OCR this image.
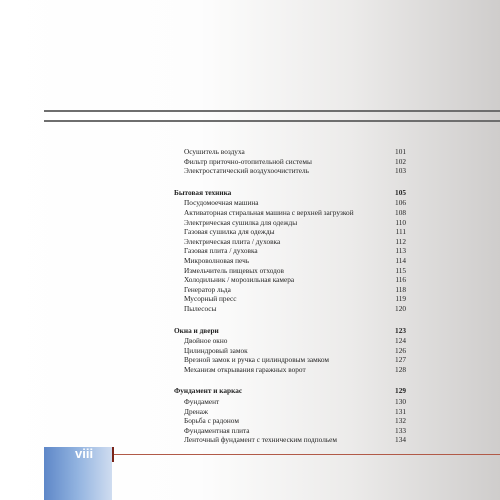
Осушитель воздуха	101
Фильтр приточно-отопительной системы	102
Электростатический воздухоочиститель	103
Бытовая техника	105
Посудомоечная машина	106
Активаторная стиральная машина с верхней загрузкой	108
Электрическая сушилка для одежды	110
Газовая сушилка для одежды	111
Электрическая плита / духовка	112
Газовая плита / духовка	113
Микроволновая печь	114
Измельчитель пищевых отходов	115
Холодильник / морозильная камера	116
Генератор льда	118
Мусорный пресс	119
Пылесосы	120
Окна и двери	123
Двойное окно	124
Цилиндровый замок	126
Врезной замок и ручка с цилиндровым замком	127
Механизм открывания гаражных ворот	128
Фундамент и каркас	129
Фундамент	130
Дренаж	131
Борьба с радоном	132
Фундаментная плита	133
Ленточный фундамент с техническим подпольем	134
viii
